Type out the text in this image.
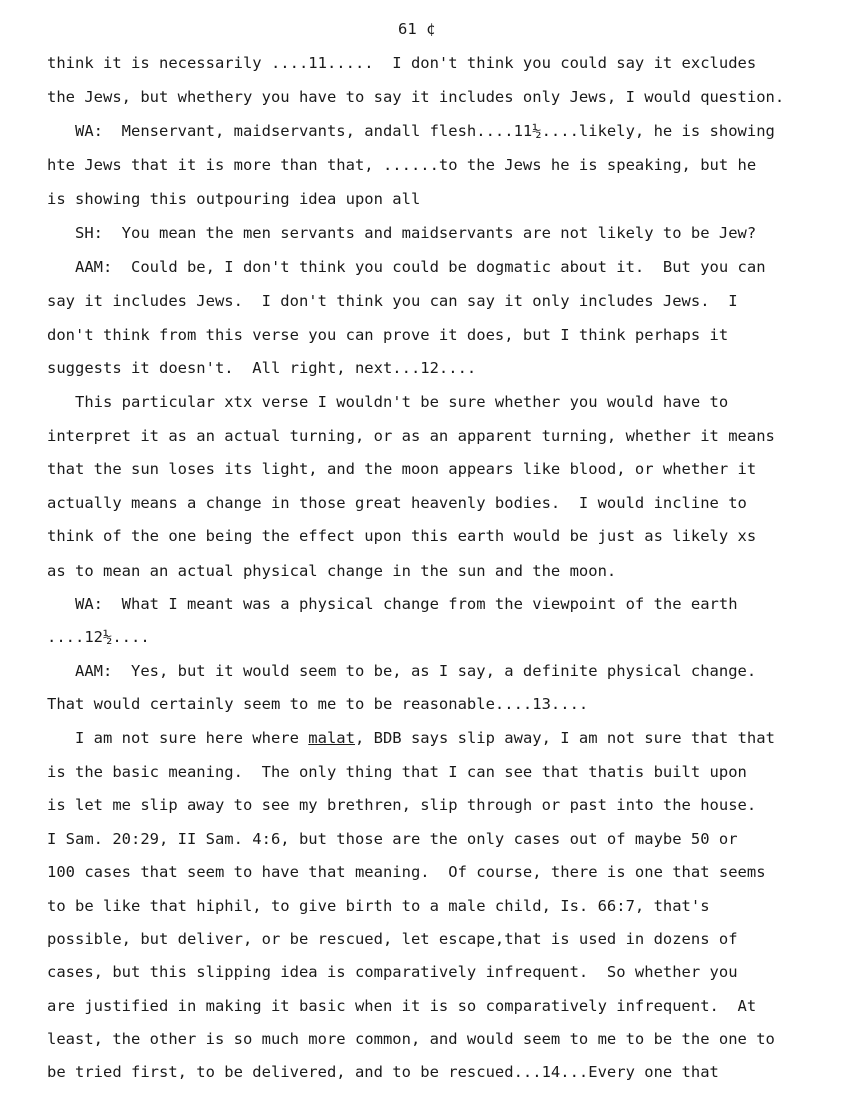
61 ¢
think it is necessarily ....11.....  I don't think you could say it excludes
the Jews, but whethery you have to say it includes only Jews, I would question.
WA:  Menservant, maidservants, andall flesh....11½....likely, he is showing
hte Jews that it is more than that, ......to the Jews he is speaking, but he
is showing this outpouring idea upon all
SH:  You mean the men servants and maidservants are not likely to be Jew?
AAM:  Could be, I don't think you could be dogmatic about it.  But you can
say it includes Jews.  I don't think you can say it only includes Jews.  I
don't think from this verse you can prove it does, but I think perhaps it
suggests it doesn't.  All right, next...12....
This particular xtx verse I wouldn't be sure whether you would have to
interpret it as an actual turning, or as an apparent turning, whether it means
that the sun loses its light, and the moon appears like blood, or whether it
actually means a change in those great heavenly bodies.  I would incline to
think of the one being the effect upon this earth would be just as likely xs
as to mean an actual physical change in the sun and the moon.
WA:  What I meant was a physical change from the viewpoint of the earth
....12½....
AAM:  Yes, but it would seem to be, as I say, a definite physical change.
That would certainly seem to me to be reasonable....13....
I am not sure here where malat, BDB says slip away, I am not sure that that
is the basic meaning.  The only thing that I can see that thatis built upon
is let me slip away to see my brethren, slip through or past into the house.
I Sam. 20:29, II Sam. 4:6, but those are the only cases out of maybe 50 or
100 cases that seem to have that meaning.  Of course, there is one that seems
to be like that hiphil, to give birth to a male child, Is. 66:7, that's
possible, but deliver, or be rescued, let escape,that is used in dozens of
cases, but this slipping idea is comparatively infrequent.  So whether you
are justified in making it basic when it is so comparatively infrequent.  At
least, the other is so much more common, and would seem to me to be the one to
be tried first, to be delivered, and to be rescued...14...Every one that
